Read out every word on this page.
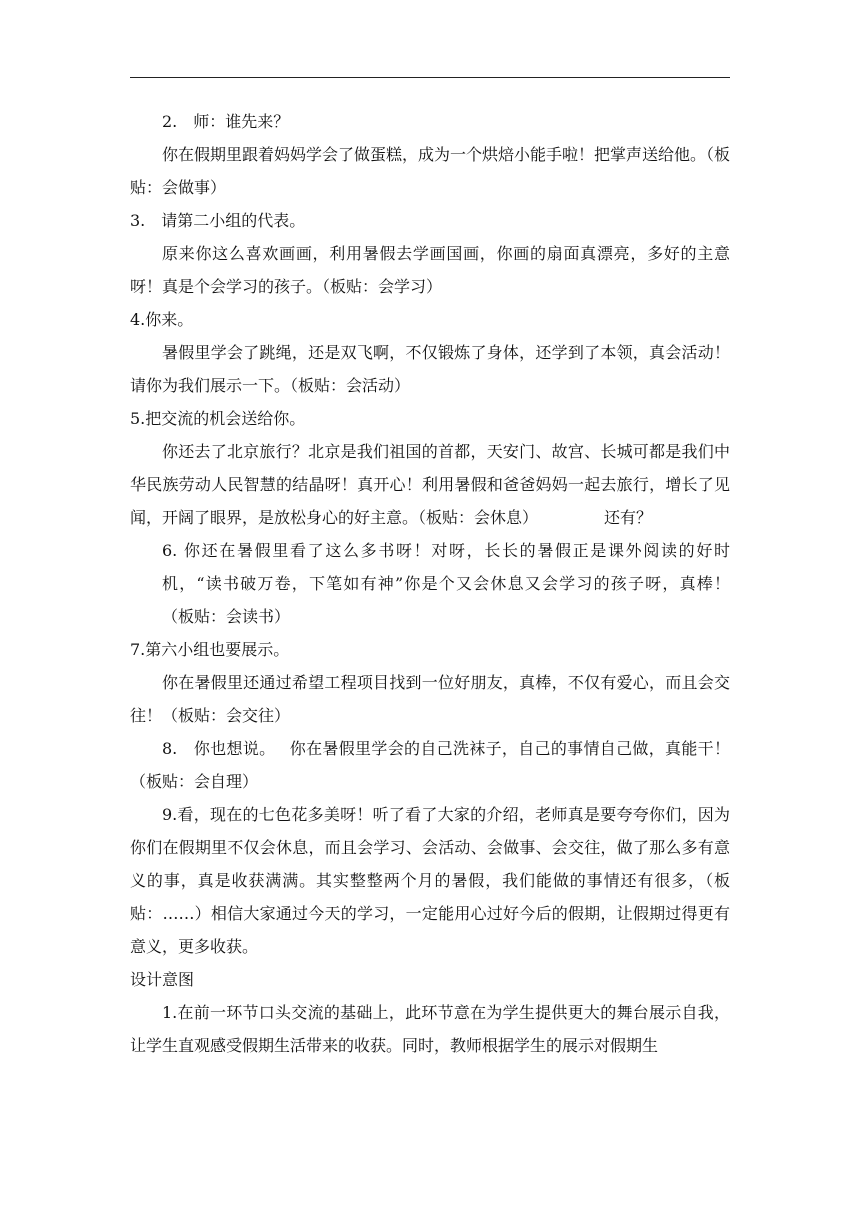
2.　师：谁先来？

你在假期里跟着妈妈学会了做蛋糕，成为一个烘焙小能手啦！把掌声送给他。（板贴：会做事）

3.　请第二小组的代表。

原来你这么喜欢画画，利用暑假去学画国画，你画的扇面真漂亮，多好的主意呀！真是个会学习的孩子。（板贴：会学习）

4.你来。

暑假里学会了跳绳，还是双飞啊，不仅锻炼了身体，还学到了本领，真会活动！请你为我们展示一下。（板贴：会活动）

5.把交流的机会送给你。

你还去了北京旅行？北京是我们祖国的首都，天安门、故宫、长城可都是我们中华民族劳动人民智慧的结晶呀！真开心！利用暑假和爸爸妈妈一起去旅行，增长了见闻，开阔了眼界，是放松身心的好主意。（板贴：会休息）	还有？

6. 你还在暑假里看了这么多书呀！对呀，长长的暑假正是课外阅读的好时机，“读书破万卷，下笔如有神”你是个又会休息又会学习的孩子呀，真棒！　（板贴：会读书）

7.第六小组也要展示。

你在暑假里还通过希望工程项目找到一位好朋友，真棒，不仅有爱心，而且会交往！（板贴：会交往）

8.　你也想说。 你在暑假里学会的自己洗袜子，自己的事情自己做，真能干！（板贴：会自理）

9.看，现在的七色花多美呀！听了看了大家的介绍，老师真是要夸夸你们，因为你们在假期里不仅会休息，而且会学习、会活动、会做事、会交往，做了那么多有意义的事，真是收获满满。其实整整两个月的暑假，我们能做的事情还有很多，（板贴：……）相信大家通过今天的学习，一定能用心过好今后的假期，让假期过得更有意义，更多收获。

设计意图

1.在前一环节口头交流的基础上，此环节意在为学生提供更大的舞台展示自我，让学生直观感受假期生活带来的收获。同时，教师根据学生的展示对假期生
